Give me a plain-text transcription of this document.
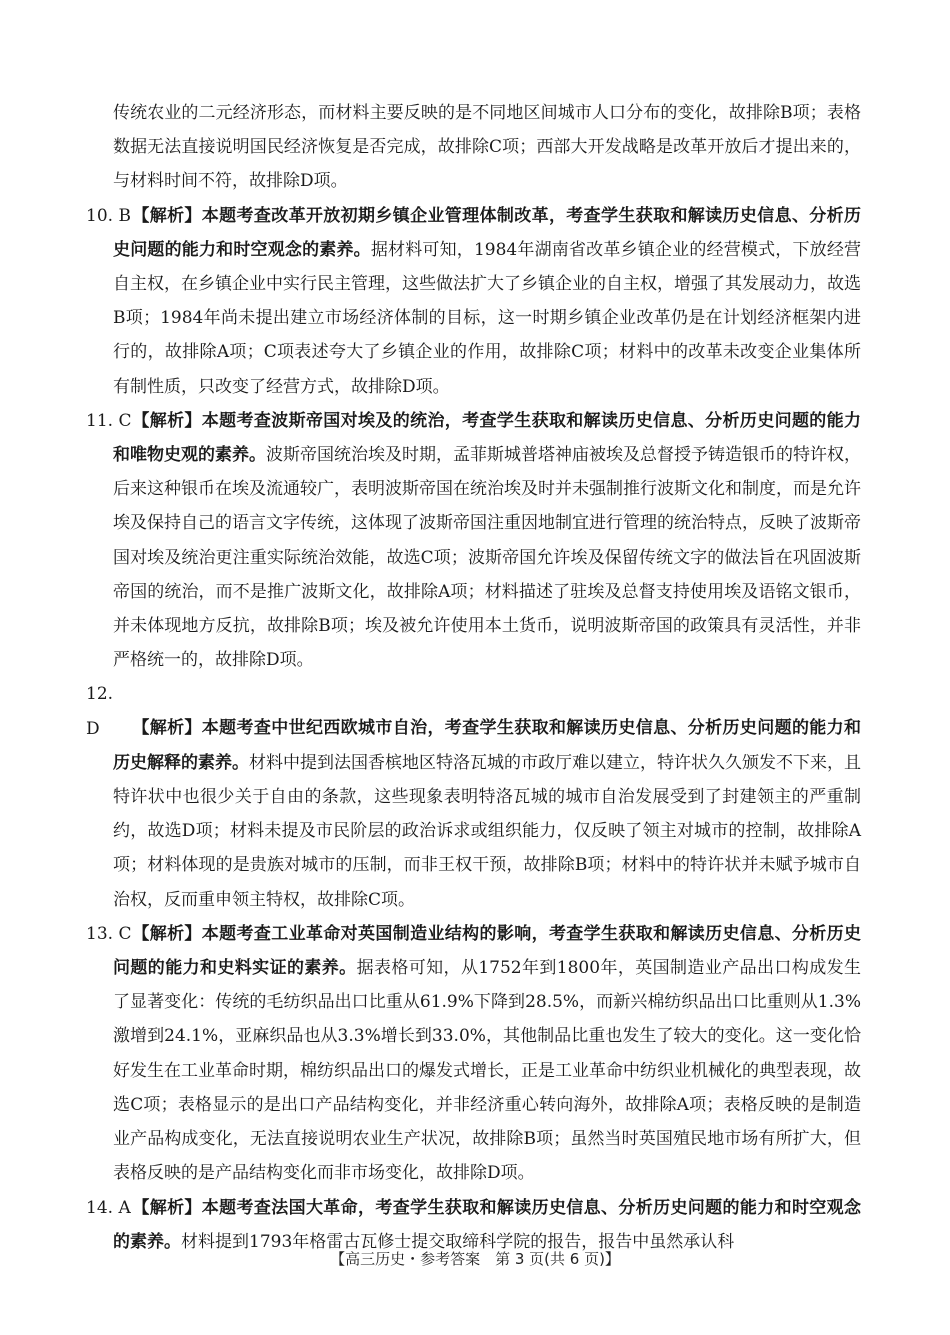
传统农业的二元经济形态，而材料主要反映的是不同地区间城市人口分布的变化，故排除B项；表格数据无法直接说明国民经济恢复是否完成，故排除C项；西部大开发战略是改革开放后才提出来的，与材料时间不符，故排除D项。

10. B【解析】本题考查改革开放初期乡镇企业管理体制改革，考查学生获取和解读历史信息、分析历史问题的能力和时空观念的素养。据材料可知，1984年湖南省改革乡镇企业的经营模式，下放经营自主权，在乡镇企业中实行民主管理，这些做法扩大了乡镇企业的自主权，增强了其发展动力，故选B项；1984年尚未提出建立市场经济体制的目标，这一时期乡镇企业改革仍是在计划经济框架内进行的，故排除A项；C项表述夸大了乡镇企业的作用，故排除C项；材料中的改革未改变企业集体所有制性质，只改变了经营方式，故排除D项。

11. C【解析】本题考查波斯帝国对埃及的统治，考查学生获取和解读历史信息、分析历史问题的能力和唯物史观的素养。波斯帝国统治埃及时期，孟菲斯城普塔神庙被埃及总督授予铸造银币的特许权，后来这种银币在埃及流通较广，表明波斯帝国在统治埃及时并未强制推行波斯文化和制度，而是允许埃及保持自己的语言文字传统，这体现了波斯帝国注重因地制宜进行管理的统治特点，反映了波斯帝国对埃及统治更注重实际统治效能，故选C项；波斯帝国允许埃及保留传统文字的做法旨在巩固波斯帝国的统治，而不是推广波斯文化，故排除A项；材料描述了驻埃及总督支持使用埃及语铭文银币，并未体现地方反抗，故排除B项；埃及被允许使用本土货币，说明波斯帝国的政策具有灵活性，并非严格统一的，故排除D项。

12. D 【解析】本题考查中世纪西欧城市自治，考查学生获取和解读历史信息、分析历史问题的能力和历史解释的素养。材料中提到法国香槟地区特洛瓦城的市政厅难以建立，特许状久久颁发不下来，且特许状中也很少关于自由的条款，这些现象表明特洛瓦城的城市自治发展受到了封建领主的严重制约，故选D项；材料未提及市民阶层的政治诉求或组织能力，仅反映了领主对城市的控制，故排除A项；材料体现的是贵族对城市的压制，而非王权干预，故排除B项；材料中的特许状并未赋予城市自治权，反而重申领主特权，故排除C项。

13. C【解析】本题考查工业革命对英国制造业结构的影响，考查学生获取和解读历史信息、分析历史问题的能力和史料实证的素养。据表格可知，从1752年到1800年，英国制造业产品出口构成发生了显著变化：传统的毛纺织品出口比重从61.9%下降到28.5%，而新兴棉纺织品出口比重则从1.3%激增到24.1%，亚麻织品也从3.3%增长到33.0%，其他制品比重也发生了较大的变化。这一变化恰好发生在工业革命时期，棉纺织品出口的爆发式增长，正是工业革命中纺织业机械化的典型表现，故选C项；表格显示的是出口产品结构变化，并非经济重心转向海外，故排除A项；表格反映的是制造业产品构成变化，无法直接说明农业生产状况，故排除B项；虽然当时英国殖民地市场有所扩大，但表格反映的是产品结构变化而非市场变化，故排除D项。

14. A【解析】本题考查法国大革命，考查学生获取和解读历史信息、分析历史问题的能力和时空观念的素养。材料提到1793年格雷古瓦修士提交取缔科学院的报告，报告中虽然承认科

【高三历史・参考答案　第 3 页(共 6 页)】
